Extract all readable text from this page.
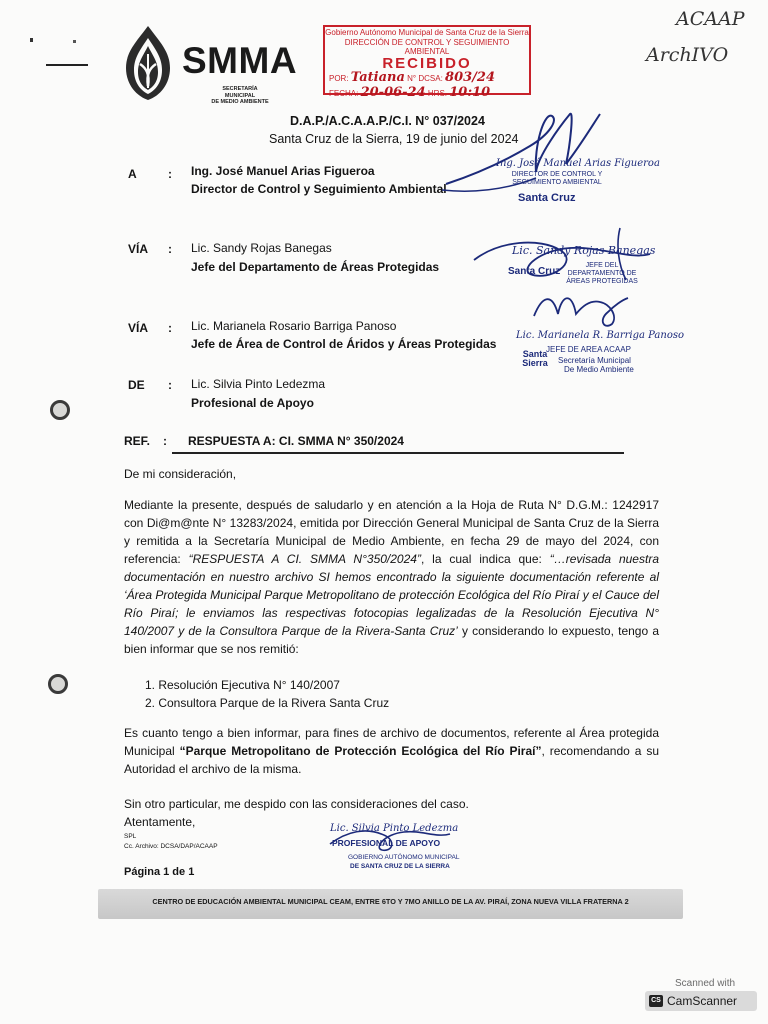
SMMA
SECRETARÍA MUNICIPAL
DE MEDIO AMBIENTE
Gobierno Autónomo Municipal de Santa Cruz de la Sierra
DIRECCIÓN DE CONTROL Y SEGUIMIENTO AMBIENTAL
RECIBIDO
POR: Tatiana N° DCSA: 803/24
FECHA: 20-06-24 HRS. 10:10
ACAAP
ArchIVO
D.A.P./A.C.A.A.P./C.I. N° 037/2024
Santa Cruz de la Sierra, 19 de junio del 2024
A	: Ing. José Manuel Arias Figueroa
Director de Control y Seguimiento Ambiental
VÍA : Lic. Sandy Rojas Banegas
Jefe del Departamento de Áreas Protegidas
VÍA : Lic. Marianela Rosario Barriga Panoso
Jefe de Área de Control de Áridos y Áreas Protegidas
DE : Lic. Silvia Pinto Ledezma
Profesional de Apoyo
Ing. José Manuel Arias Figueroa
DIRECTOR DE CONTROL Y SEGUIMIENTO AMBIENTAL
Santa Cruz
Lic. Sandy Rojas Banegas
Santa Cruz
JEFE DEL DEPARTAMENTO DE ÁREAS PROTEGIDAS
Lic. Marianela R. Barriga Panoso
JEFE DE AREA ACAAP
Santa Sierra	Secretaría Municipal
De Medio Ambiente
REF. : RESPUESTA A: CI. SMMA N° 350/2024
De mi consideración,
Mediante la presente, después de saludarlo y en atención a la Hoja de Ruta N° D.G.M.: 1242917 con Di@m@nte N° 13283/2024, emitida por Dirección General Municipal de Santa Cruz de la Sierra y remitida a la Secretaría Municipal de Medio Ambiente, en fecha 29 de mayo del 2024, con referencia: “RESPUESTA A CI. SMMA N°350/2024”, la cual indica que: “…revisada nuestra documentación en nuestro archivo SI hemos encontrado la siguiente documentación referente al ‘Área Protegida Municipal Parque Metropolitano de protección Ecológica del Río Piraí y el Cauce del Río Piraí; le enviamos las respectivas fotocopias legalizadas de la Resolución Ejecutiva N° 140/2007 y de la Consultora Parque de la Rivera-Santa Cruz’ y considerando lo expuesto, tengo a bien informar que se nos remitió:
1. Resolución Ejecutiva N° 140/2007
2. Consultora Parque de la Rivera Santa Cruz
Es cuanto tengo a bien informar, para fines de archivo de documentos, referente al Área protegida Municipal “Parque Metropolitano de Protección Ecológica del Río Piraí”, recomendando a su Autoridad el archivo de la misma.
Sin otro particular, me despido con las consideraciones del caso.
Atentamente,
SPL
Cc. Archivo: DCSA/DAP/ACAAP
Página 1 de 1
Lic. Silvia Pinto Ledezma
PROFESIONAL DE APOYO
GOBIERNO AUTÓNOMO MUNICIPAL
DE SANTA CRUZ DE LA SIERRA
CENTRO DE EDUCACIÓN AMBIENTAL MUNICIPAL CEAM, ENTRE 6TO Y 7MO ANILLO DE LA AV. PIRAÍ, ZONA NUEVA VILLA FRATERNA 2
Scanned with
CS CamScanner
